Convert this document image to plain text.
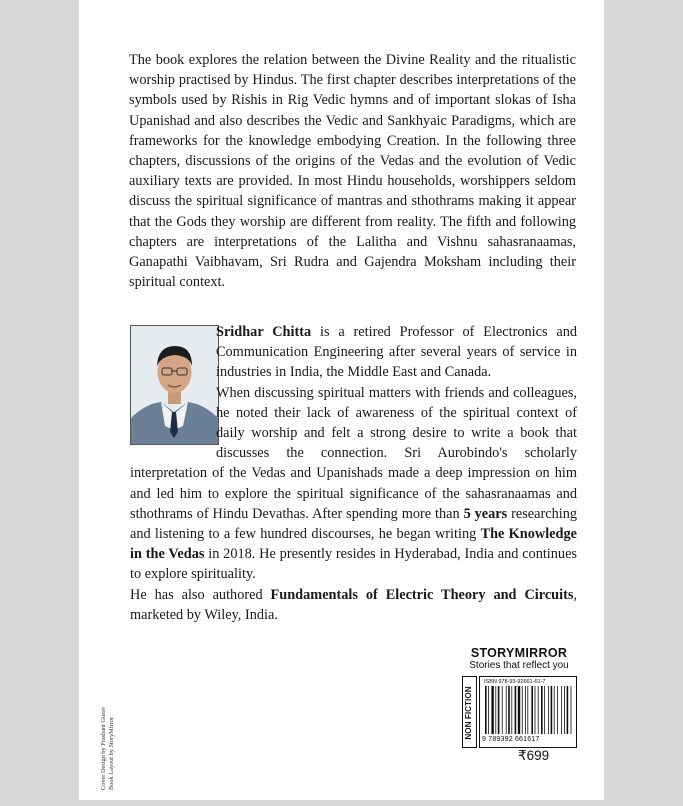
The book explores the relation between the Divine Reality and the ritualistic worship practised by Hindus. The first chapter describes interpretations of the symbols used by Rishis in Rig Vedic hymns and of important slokas of Isha Upanishad and also describes the Vedic and Sankhyaic Paradigms, which are frameworks for the knowledge embodying Creation. In the following three chapters, discussions of the origins of the Vedas and the evolution of Vedic auxiliary texts are provided. In most Hindu households, worshippers seldom discuss the spiritual significance of mantras and sthothrams making it appear that the Gods they worship are different from reality. The fifth and following chapters are interpretations of the Lalitha and Vishnu sahasranaamas, Ganapathi Vaibhavam, Sri Rudra and Gajendra Moksham including their spiritual context.

Sridhar Chitta is a retired Professor of Electronics and Communication Engineering after several years of service in industries in India, the Middle East and Canada.

When discussing spiritual matters with friends and colleagues, he noted their lack of awareness of the spiritual context of daily worship and felt a strong desire to write a book that discusses the connection. Sri Aurobindo's scholarly interpretation of the Vedas and Upanishads made a deep impression on him and led him to explore the spiritual significance of the sahasranaamas and sthothrams of Hindu Devathas. After spending more than 5 years researching and listening to a few hundred discourses, he began writing The Knowledge in the Vedas in 2018. He presently resides in Hyderabad, India and continues to explore spirituality.

He has also authored Fundamentals of Electric Theory and Circuits, marketed by Wiley, India.

Cover Design by Prashant Gurav Book Layout by StoryMirror
STORYMIRROR
Stories that reflect you
NON FICTION
ISBN 978-93-92661-61-7
9 789392 661617
₹699
